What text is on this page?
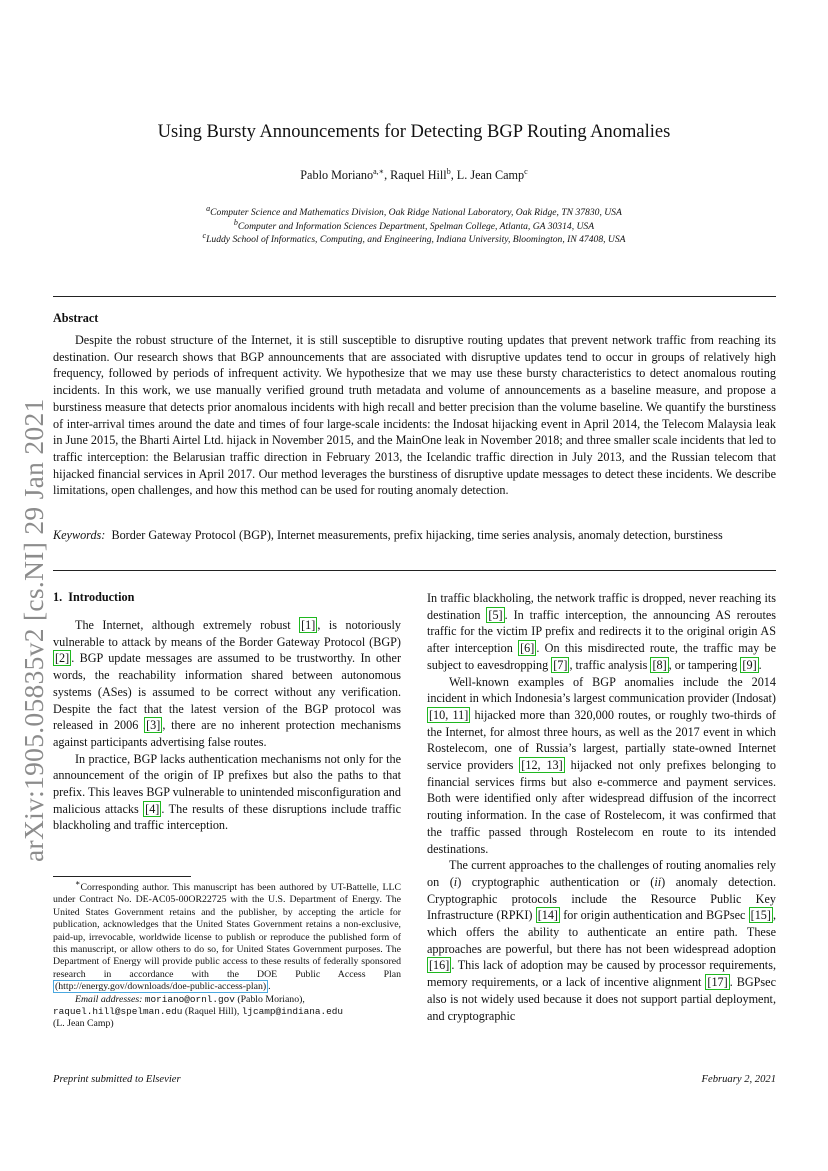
arXiv:1905.05835v2 [cs.NI] 29 Jan 2021
Using Bursty Announcements for Detecting BGP Routing Anomalies
Pablo Moriano$^{a,∗}$, Raquel Hill$^b$, L. Jean Camp$^c$
$^a$Computer Science and Mathematics Division, Oak Ridge National Laboratory, Oak Ridge, TN 37830, USA
$^b$Computer and Information Sciences Department, Spelman College, Atlanta, GA 30314, USA
$^c$Luddy School of Informatics, Computing, and Engineering, Indiana University, Bloomington, IN 47408, USA
Abstract

Despite the robust structure of the Internet, it is still susceptible to disruptive routing updates that prevent network traffic from reaching its destination. Our research shows that BGP announcements that are associated with disruptive updates tend to occur in groups of relatively high frequency, followed by periods of infrequent activity. We hypothesize that we may use these bursty characteristics to detect anomalous routing incidents. In this work, we use manually verified ground truth metadata and volume of announcements as a baseline measure, and propose a burstiness measure that detects prior anomalous incidents with high recall and better precision than the volume baseline. We quantify the burstiness of inter-arrival times around the date and times of four large-scale incidents: the Indosat hijacking event in April 2014, the Telecom Malaysia leak in June 2015, the Bharti Airtel Ltd. hijack in November 2015, and the MainOne leak in November 2018; and three smaller scale incidents that led to traffic interception: the Belarusian traffic direction in February 2013, the Icelandic traffic direction in July 2013, and the Russian telecom that hijacked financial services in April 2017. Our method leverages the burstiness of disruptive update messages to detect these incidents. We describe limitations, open challenges, and how this method can be used for routing anomaly detection.

Keywords: Border Gateway Protocol (BGP), Internet measurements, prefix hijacking, time series analysis, anomaly detection, burstiness

1. Introduction

The Internet, although extremely robust [1] , is notoriously vulnerable to attack by means of the Border Gateway Protocol (BGP) [2] . BGP update messages are assumed to be trustworthy. In other words, the reachability information shared between autonomous systems (ASes) is assumed to be correct without any verification. Despite the fact that the latest version of the BGP protocol was released in 2006 [3] , there are no inherent protection mechanisms against participants advertising false routes.

In practice, BGP lacks authentication mechanisms not only for the announcement of the origin of IP prefixes but also the paths to that prefix. This leaves BGP vulnerable to unintended misconfiguration and malicious attacks [4] . The results of these disruptions include traffic blackholing and traffic interception.

∗Corresponding author. This manuscript has been authored by UT-Battelle, LLC under Contract No. DE-AC05-00OR22725 with the U.S. Department of Energy. The United States Government retains and the publisher, by accepting the article for publication, acknowledges that the United States Government retains a non-exclusive, paid-up, irrevocable, worldwide license to publish or reproduce the published form of this manuscript, or allow others to do so, for United States Government purposes. The Department of Energy will provide public access to these results of federally sponsored research in accordance with the DOE Public Access Plan (http://energy.gov/downloads/doe-public-access-plan) .

Email addresses: moriano@ornl.gov (Pablo Moriano),
raquel.hill@spelman.edu (Raquel Hill), ljcamp@indiana.edu
(L. Jean Camp)

In traffic blackholing, the network traffic is dropped, never reaching its destination [5] . In traffic interception, the announcing AS reroutes traffic for the victim IP prefix and redirects it to the original origin AS after interception [6] . On this misdirected route, the traffic may be subject to eavesdropping [7] , traffic analysis [8] , or tampering [9] .

Well-known examples of BGP anomalies include the 2014 incident in which Indonesia’s largest communication provider (Indosat) [10, 11] hijacked more than 320,000 routes, or roughly two-thirds of the Internet, for almost three hours, as well as the 2017 event in which Rostelecom, one of Russia’s largest, partially state-owned Internet service providers [12, 13] hijacked not only prefixes belonging to financial services firms but also e-commerce and payment services. Both were identified only after widespread diffusion of the incorrect routing information. In the case of Rostelecom, it was confirmed that the traffic passed through Rostelecom en route to its intended destinations.

The current approaches to the challenges of routing anomalies rely on (i) cryptographic authentication or (ii) anomaly detection. Cryptographic protocols include the Resource Public Key Infrastructure (RPKI) [14] for origin authentication and BGPsec [15] , which offers the ability to authenticate an entire path. These approaches are powerful, but there has not been widespread adoption [16] . This lack of adoption may be caused by processor requirements, memory requirements, or a lack of incentive alignment [17] . BGPsec also is not widely used because it does not support partial deployment, and cryptographic

Preprint submitted to Elsevier	February 2, 2021
